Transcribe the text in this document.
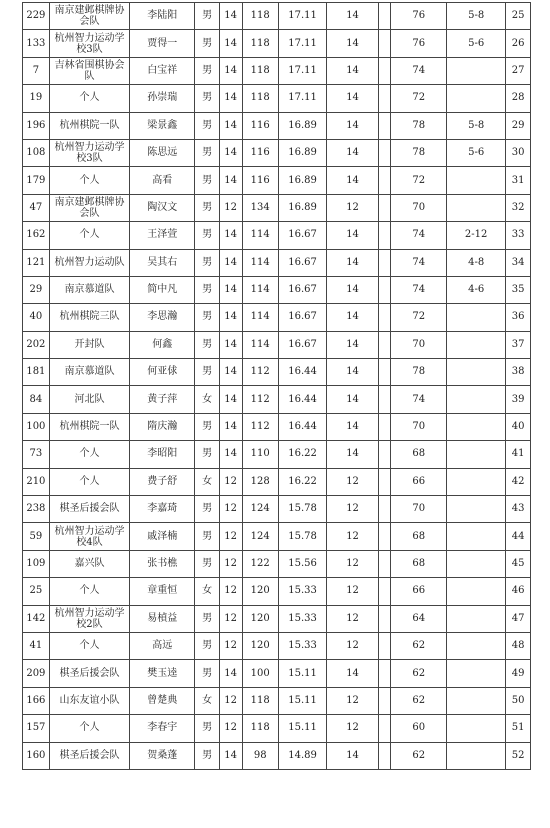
229	南京建邺棋牌协会队	李陆阳	男	14	118	17.11	14		76	5-8	25
133	杭州智力运动学校3队	贾得一	男	14	118	17.11	14		76	5-6	26
7	吉林省围棋协会队	白宝祥	男	14	118	17.11	14		74		27
19	个人	孙崇瑞	男	14	118	17.11	14		72		28
196	杭州棋院一队	梁景鑫	男	14	116	16.89	14		78	5-8	29
108	杭州智力运动学校3队	陈思远	男	14	116	16.89	14		78	5-6	30
179	个人	高看	男	14	116	16.89	14		72		31
47	南京建邺棋牌协会队	陶汉文	男	12	134	16.89	12		70		32
162	个人	王泽萱	男	14	114	16.67	14		74	2-12	33
121	杭州智力运动队	吴其右	男	14	114	16.67	14		74	4-8	34
29	南京慕道队	简中凡	男	14	114	16.67	14		74	4-6	35
40	杭州棋院三队	李思瀚	男	14	114	16.67	14		72		36
202	开封队	何鑫	男	14	114	16.67	14		70		37
181	南京慕道队	何亚俅	男	14	112	16.44	14		78		38
84	河北队	黄子萍	女	14	112	16.44	14		74		39
100	杭州棋院一队	隋庆瀚	男	14	112	16.44	14		70		40
73	个人	李昭阳	男	14	110	16.22	14		68		41
210	个人	费子舒	女	12	128	16.22	12		66		42
238	棋圣后援会队	李嘉琦	男	12	124	15.78	12		70		43
59	杭州智力运动学校4队	戚泽楠	男	12	124	15.78	12		68		44
109	嘉兴队	张书樵	男	12	122	15.56	12		68		45
25	个人	章重恒	女	12	120	15.33	12		66		46
142	杭州智力运动学校2队	易楨益	男	12	120	15.33	12		64		47
41	个人	高远	男	12	120	15.33	12		62		48
209	棋圣后援会队	樊玉逵	男	14	100	15.11	14		62		49
166	山东友谊小队	曾楚典	女	12	118	15.11	12		62		50
157	个人	李春宇	男	12	118	15.11	12		60		51
160	棋圣后援会队	贺桑蓬	男	14	98	14.89	14		62		52
